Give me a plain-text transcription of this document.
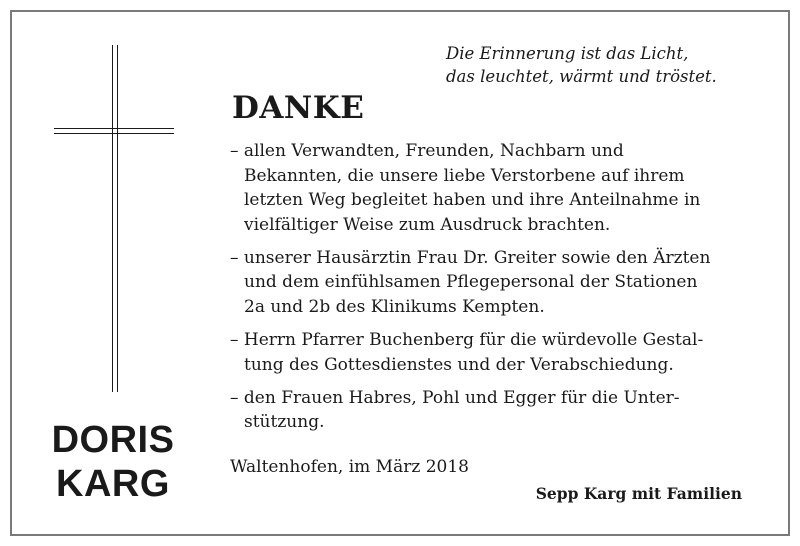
DORIS
KARG
Die Erinnerung ist das Licht,
das leuchtet, wärmt und tröstet.
DANKE
– allen Verwandten, Freunden, Nachbarn und
Bekannten, die unsere liebe Verstorbene auf ihrem
letzten Weg begleitet haben und ihre Anteilnahme in
vielfältiger Weise zum Ausdruck brachten.
– unserer Hausärztin Frau Dr. Greiter sowie den Ärzten
und dem einfühlsamen Pflegepersonal der Stationen
2a und 2b des Klinikums Kempten.
– Herrn Pfarrer Buchenberg für die würdevolle Gestal-
tung des Gottesdienstes und der Verabschiedung.
– den Frauen Habres, Pohl und Egger für die Unter-
stützung.
Waltenhofen, im März 2018
Sepp Karg mit Familien
